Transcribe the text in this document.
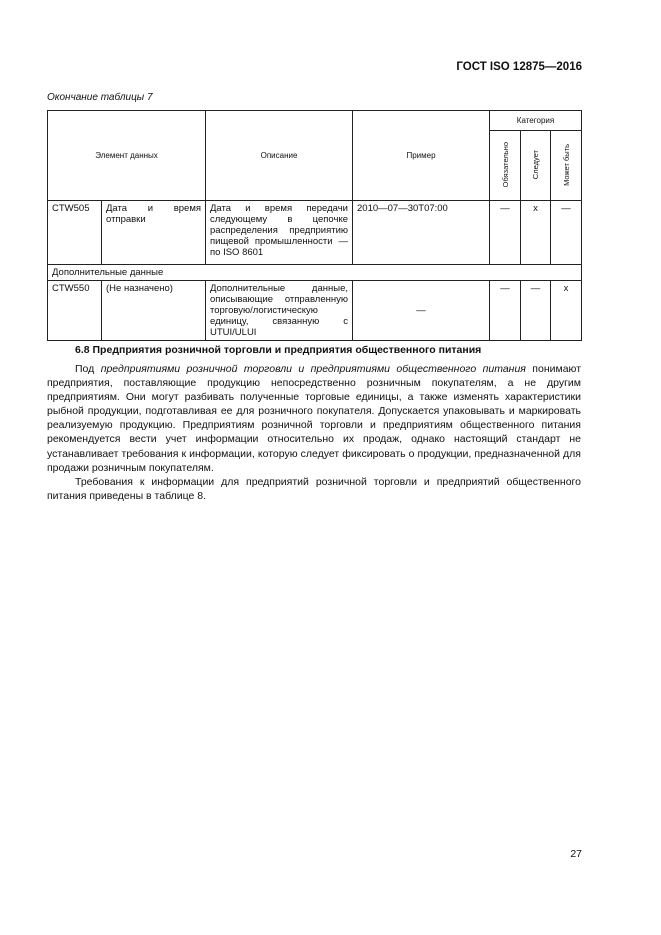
ГОСТ ISO 12875—2016
Окончание таблицы 7
Элемент данных		Описание	Пример	Категория		
				Обязательно	Следует	Может быть
CTW505	Дата и время отправки	Дата и время передачи следующему в цепочке распределения предприятию пищевой промышленности — по ISO 8601	2010—07—30T07:00	—	x	—
Дополнительные данные						
CTW550	(Не назначено)	Дополнительные данные, описывающие отправленную торговую/логистическую единицу, связанную с UTUI/ULUI	—	—	—	x
6.8 Предприятия розничной торговли и предприятия общественного питания

Под предприятиями розничной торговли и предприятиями общественного питания понимают предприятия, поставляющие продукцию непосредственно розничным покупателям, а не другим предприятиям. Они могут разбивать полученные торговые единицы, а также изменять характеристики рыбной продукции, подготавливая ее для розничного покупателя. Допускается упаковывать и маркировать реализуемую продукцию. Предприятиям розничной торговли и предприятиям общественного питания рекомендуется вести учет информации относительно их продаж, однако настоящий стандарт не устанавливает требования к информации, которую следует фиксировать о продукции, предназначенной для продажи розничным покупателям.

Требования к информации для предприятий розничной торговли и предприятий общественного питания приведены в таблице 8.

27
